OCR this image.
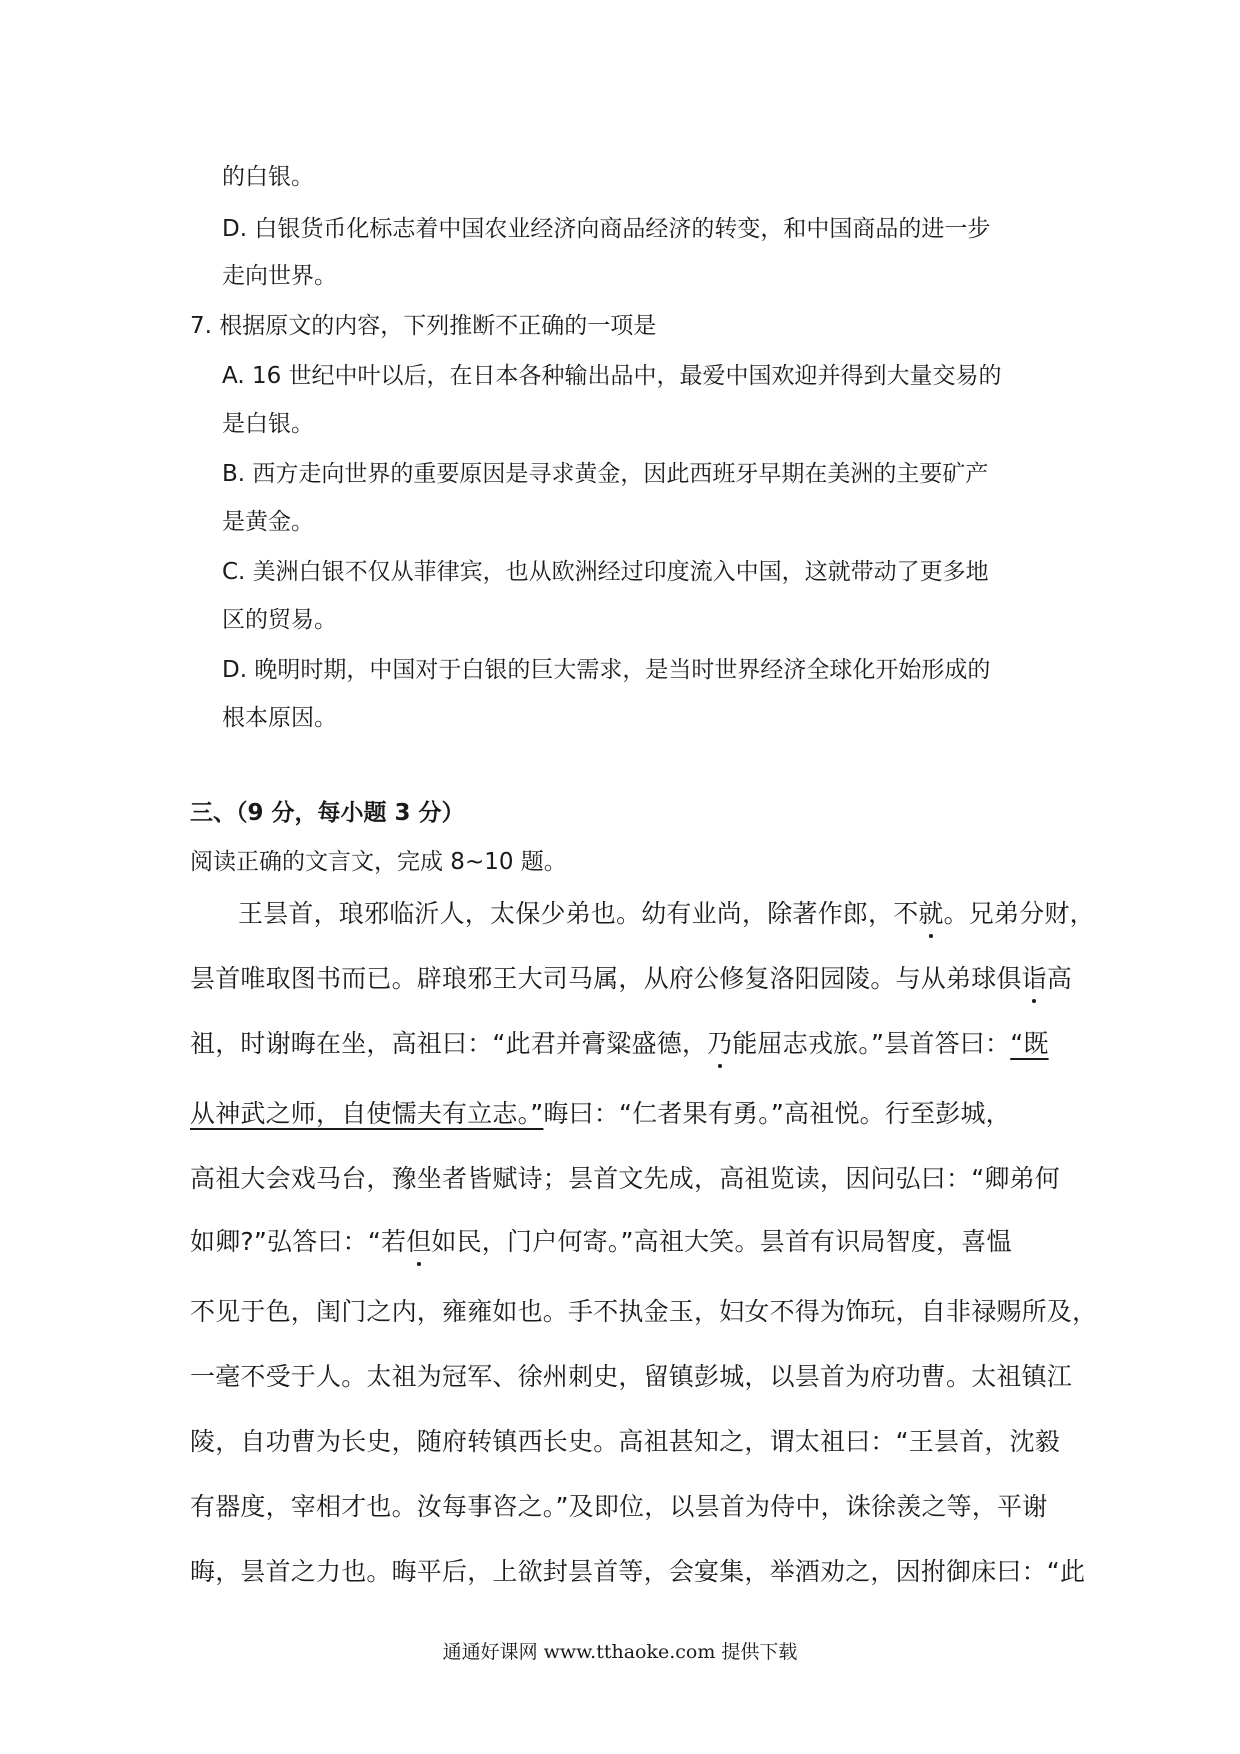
的白银。
D. 白银货币化标志着中国农业经济向商品经济的转变，和中国商品的进一步
走向世界。
7. 根据原文的内容，下列推断不正确的一项是
A. 16 世纪中叶以后，在日本各种输出品中，最爱中国欢迎并得到大量交易的
是白银。
B. 西方走向世界的重要原因是寻求黄金，因此西班牙早期在美洲的主要矿产
是黄金。
C. 美洲白银不仅从菲律宾，也从欧洲经过印度流入中国，这就带动了更多地
区的贸易。
D. 晚明时期，中国对于白银的巨大需求，是当时世界经济全球化开始形成的
根本原因。
三、（9 分，每小题 3 分）
阅读正确的文言文，完成 8~10 题。
王昙首，琅邪临沂人，太保少弟也。幼有业尚，除著作郎，不就。兄弟分财，
昙首唯取图书而已。辟琅邪王大司马属，从府公修复洛阳园陵。与从弟球俱诣高
祖，时谢晦在坐，高祖曰：“此君并膏粱盛德，乃能屈志戎旅。”昙首答曰：“既
从神武之师，自使懦夫有立志。”晦曰：“仁者果有勇。”高祖悦。行至彭城，
高祖大会戏马台，豫坐者皆赋诗；昙首文先成，高祖览读，因问弘曰：“卿弟何
如卿?”弘答曰：“若但如民，门户何寄。”高祖大笑。昙首有识局智度，喜愠
不见于色，闺门之内，雍雍如也。手不执金玉，妇女不得为饰玩，自非禄赐所及，
一毫不受于人。太祖为冠军、徐州刺史，留镇彭城，以昙首为府功曹。太祖镇江
陵，自功曹为长史，随府转镇西长史。高祖甚知之，谓太祖曰：“王昙首，沈毅
有器度，宰相才也。汝每事咨之。”及即位，以昙首为侍中，诛徐羡之等，平谢
晦，昙首之力也。晦平后，上欲封昙首等，会宴集，举酒劝之，因拊御床曰：“此
通通好课网 www.tthaoke.com 提供下载
